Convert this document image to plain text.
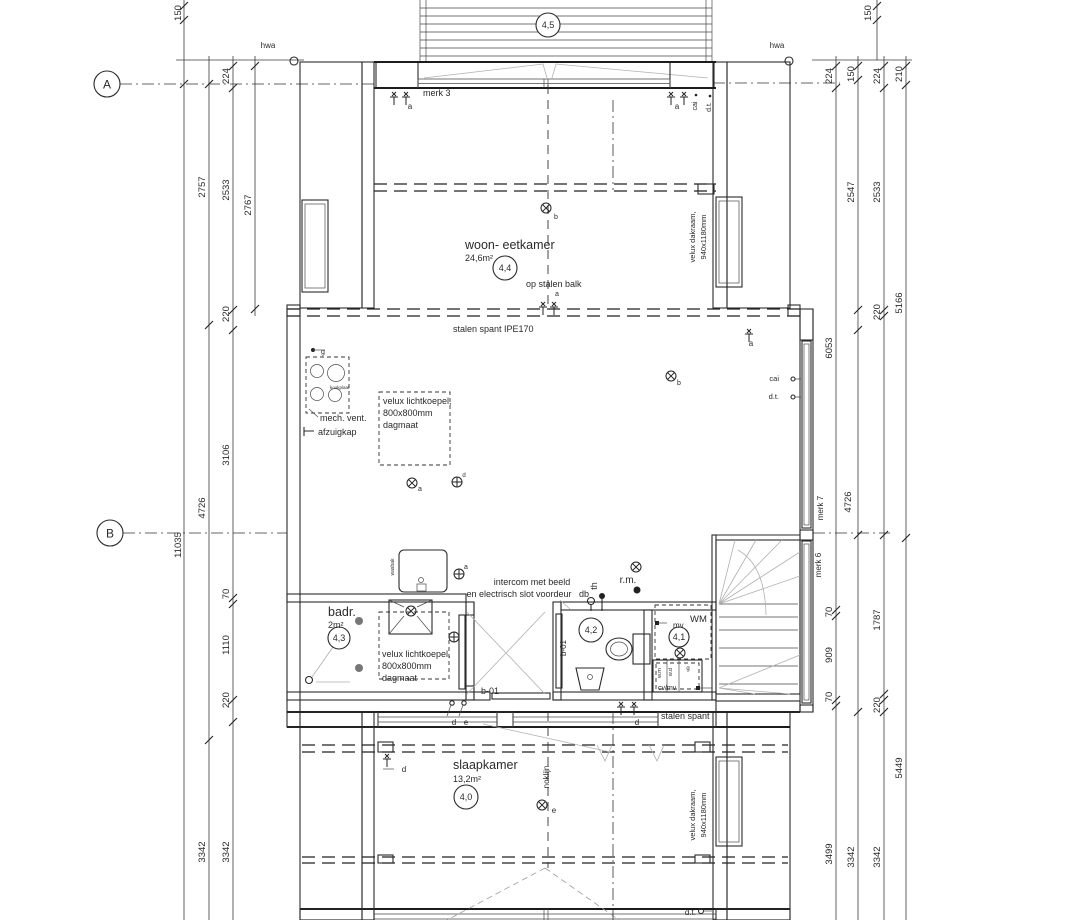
150
224
2757 2533
2767
220
3106
4726
11035
70
1110
220
3342 3342
150
224 150 224 210
2547 2533
6053
220 5166
4726
merk 7
merk 6
70	1787
909
70
220
5449
3499 3342 3342
A
B
4,5
4,4
4,3
4,2
4,1
4,0
hwa	hwa
merk 3
a	a cai d.t.
woon- eetkamer
24,6m²
b
b
op stalen balk
a
stalen spant IPE170
velux dakraam, 940x1180mm
a
cai
d.t.
g
kookplaat
mech. vent.
afzuigkap
velux lichtkoepel,
800x800mm
dagmaat
a
d
wasbak	a
badr.
2m²
velux lichtkoepel,
800x800mm
dagmaat
intercom met beeld
en electrisch slot voordeur db
th r.m.
b-01
b-01
WM
mv
w.m w.d g
cv/mv
stalen spant
d e	d
d	slaapkamer
13,2m²	noklijn
e	velux dakraam, 940x1180mm
d.t.
